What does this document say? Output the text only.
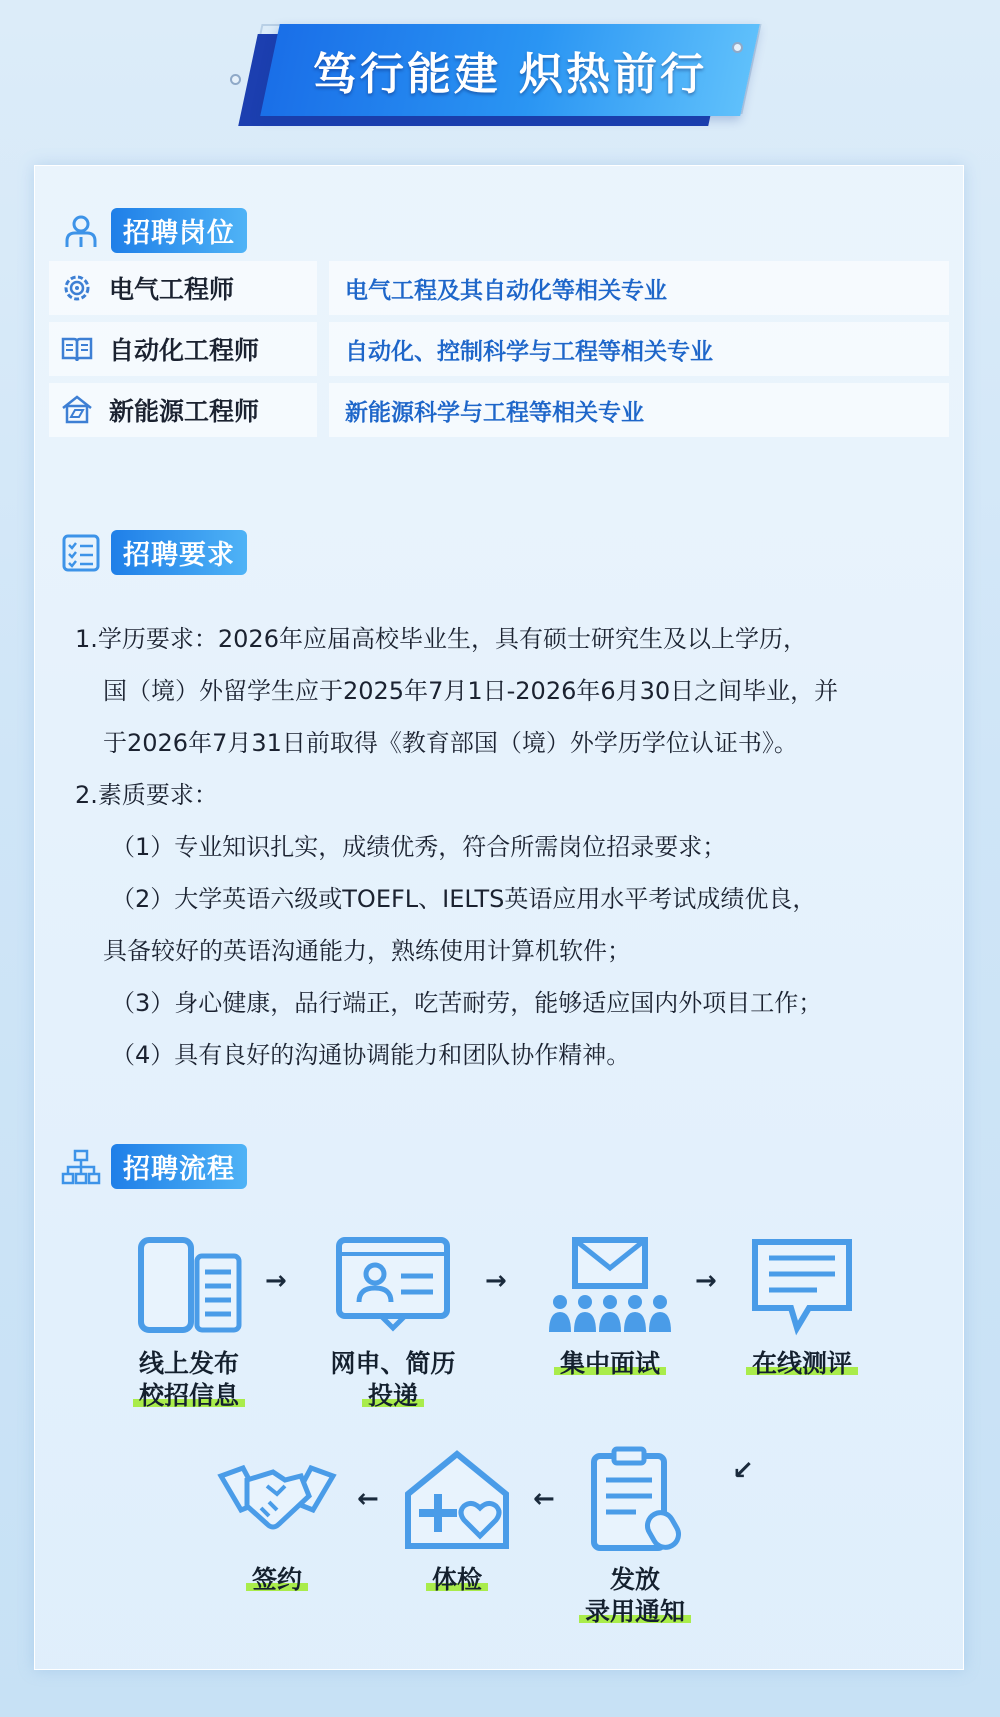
笃行能建 炽热前行
招聘岗位
电气工程师	电气工程及其自动化等相关专业
自动化工程师	自动化、控制科学与工程等相关专业
新能源工程师	新能源科学与工程等相关专业
招聘要求

1.学历要求：2026年应届高校毕业生，具有硕士研究生及以上学历，

国（境）外留学生应于2025年7月1日-2026年6月30日之间毕业，并

于2026年7月31日前取得《教育部国（境）外学历学位认证书》。

2.素质要求：

（1）专业知识扎实，成绩优秀，符合所需岗位招录要求；

（2）大学英语六级或TOEFL、IELTS英语应用水平考试成绩优良，

具备较好的英语沟通能力，熟练使用计算机软件；

（3）身心健康，品行端正，吃苦耐劳，能够适应国内外项目工作；

（4）具有良好的沟通协调能力和团队协作精神。

招聘流程
线上发布
校招信息
→
网申、简历
投递
→
集中面试
→
在线测评
↙
发放
录用通知
←
体检
←
签约
